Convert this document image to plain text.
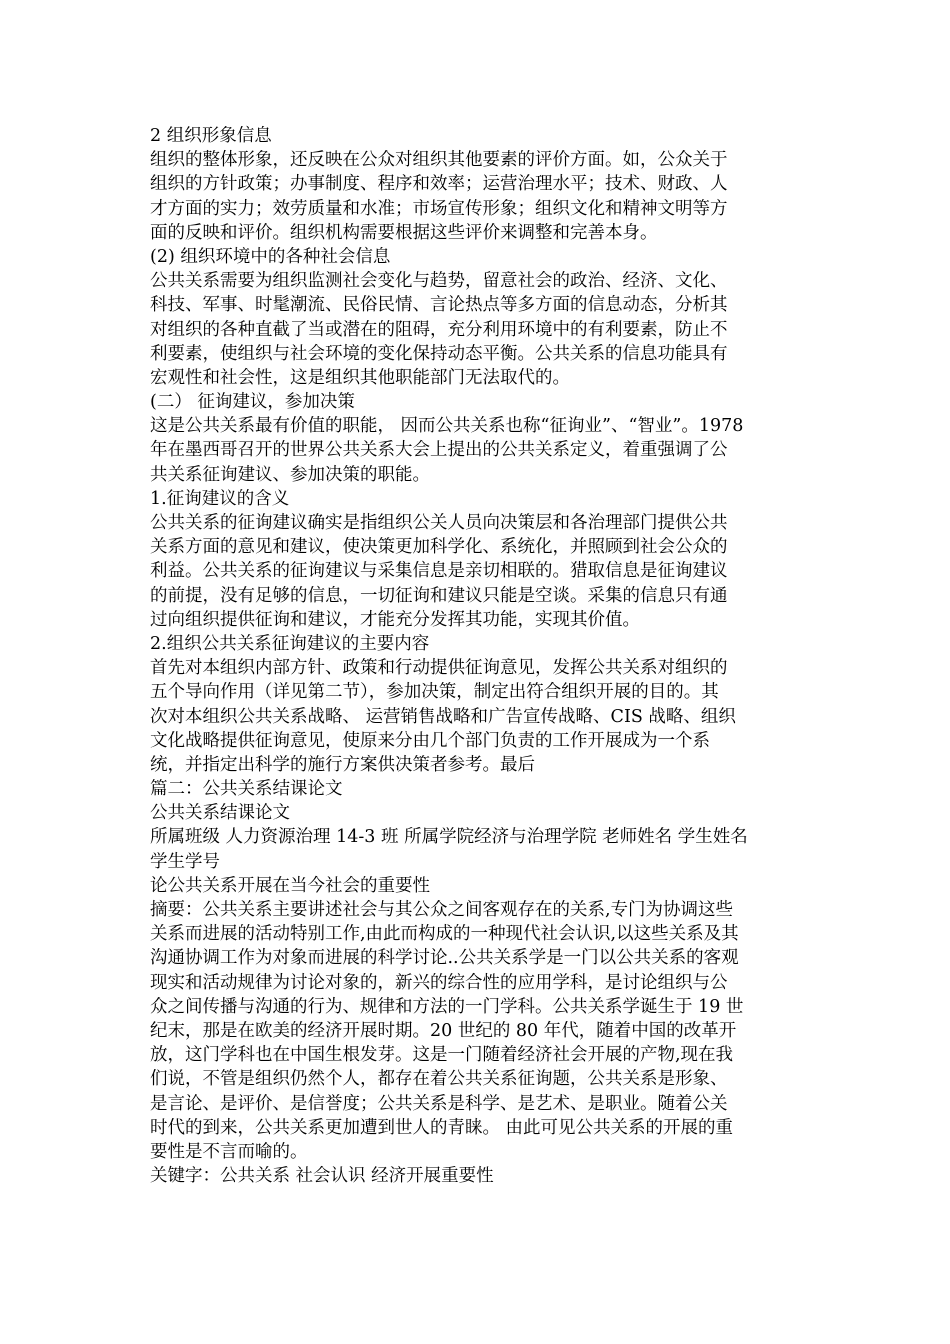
2 组织形象信息
组织的整体形象，还反映在公众对组织其他要素的评价方面。如，公众关于
组织的方针政策；办事制度、程序和效率；运营治理水平；技术、财政、人
才方面的实力；效劳质量和水准；市场宣传形象；组织文化和精神文明等方
面的反映和评价。组织机构需要根据这些评价来调整和完善本身。
(2) 组织环境中的各种社会信息
公共关系需要为组织监测社会变化与趋势，留意社会的政治、经济、文化、
科技、军事、时髦潮流、民俗民情、言论热点等多方面的信息动态，分析其
对组织的各种直截了当或潜在的阻碍，充分利用环境中的有利要素，防止不
利要素，使组织与社会环境的变化保持动态平衡。公共关系的信息功能具有
宏观性和社会性，这是组织其他职能部门无法取代的。
(二） 征询建议，参加决策
这是公共关系最有价值的职能， 因而公共关系也称“征询业”、“智业”。1978
年在墨西哥召开的世界公共关系大会上提出的公共关系定义，着重强调了公
共关系征询建议、参加决策的职能。
1.征询建议的含义
公共关系的征询建议确实是指组织公关人员向决策层和各治理部门提供公共
关系方面的意见和建议，使决策更加科学化、系统化，并照顾到社会公众的
利益。公共关系的征询建议与采集信息是亲切相联的。猎取信息是征询建议
的前提，没有足够的信息，一切征询和建议只能是空谈。采集的信息只有通
过向组织提供征询和建议，才能充分发挥其功能，实现其价值。
2.组织公共关系征询建议的主要内容
首先对本组织内部方针、政策和行动提供征询意见，发挥公共关系对组织的
五个导向作用（详见第二节），参加决策，制定出符合组织开展的目的。其
次对本组织公共关系战略、 运营销售战略和广告宣传战略、CIS 战略、组织
文化战略提供征询意见，使原来分由几个部门负责的工作开展成为一个系
统，并指定出科学的施行方案供决策者参考。最后
篇二：公共关系结课论文
公共关系结课论文
所属班级 人力资源治理 14-3 班 所属学院经济与治理学院 老师姓名 学生姓名
学生学号
论公共关系开展在当今社会的重要性
摘要：公共关系主要讲述社会与其公众之间客观存在的关系,专门为协调这些
关系而进展的活动特别工作,由此而构成的一种现代社会认识,以这些关系及其
沟通协调工作为对象而进展的科学讨论..公共关系学是一门以公共关系的客观
现实和活动规律为讨论对象的，新兴的综合性的应用学科，是讨论组织与公
众之间传播与沟通的行为、规律和方法的一门学科。公共关系学诞生于 19 世
纪末，那是在欧美的经济开展时期。20 世纪的 80 年代，随着中国的改革开
放，这门学科也在中国生根发芽。这是一门随着经济社会开展的产物,现在我
们说，不管是组织仍然个人，都存在着公共关系征询题，公共关系是形象、
是言论、是评价、是信誉度；公共关系是科学、是艺术、是职业。随着公关
时代的到来，公共关系更加遭到世人的青睐。 由此可见公共关系的开展的重
要性是不言而喻的。
关键字：公共关系 社会认识 经济开展重要性
